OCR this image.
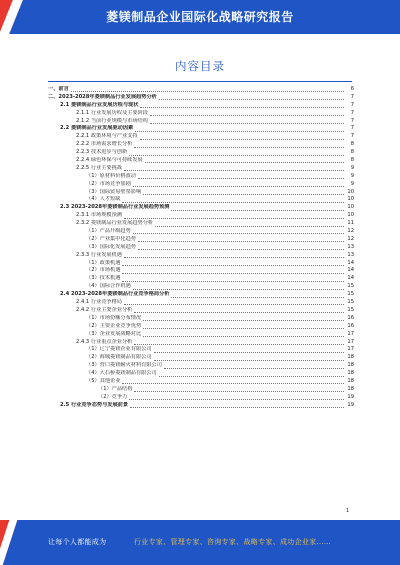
菱镁制品企业国际化战略研究报告
内容目录
一、前言	6
二、2023-2028年菱镁制品行业发展趋势分析	7
2.1 菱镁制品行业发展历程与现状	7
2.1.1 行业发展历程及主要阶段	7
2.1.2 当前行业规模与市场结构	7
2.2 菱镁制品行业发展驱动因素	7
2.2.1 政策环境与产业支持	7
2.2.2 市场需求增长分析	8
2.2.3 技术进步与创新	8
2.2.4 绿色环保与可持续发展	8
2.2.5 行业主要挑战	9
（1）原材料价格波动	9
（2）市场竞争加剧	9
（3）国际贸易壁垒影响	10
（4）人才短缺	10
2.3 2023-2028年菱镁制品行业发展趋势预测	10
2.3.1 市场规模预测	10
2.3.2 菱镁制品行业发展趋势分析	11
（1）产品升级趋势	12
（2）产业集中化趋势	12
（3）国际化发展趋势	13
2.3.3 行业发展机遇	13
（1）政策机遇	14
（2）市场机遇	14
（3）技术机遇	14
（4）国际合作机遇	15
2.4 2023-2028年菱镁制品行业竞争格局分析	15
2.4.1 行业竞争格局	15
2.4.2 行业主要企业分析	15
（1）市场份额分布情况	16
（2）主要企业竞争优势	16
（3）企业发展战略对比	17
2.4.3 行业重点企业分析	17
（1）辽宁菱镁企业有限公司	17
（2）海城菱镁制品有限公司	18
（3）营口菱镁耐火材料有限公司	18
（4）大石桥菱镁制品有限公司	18
（5）其他企业	18
（1）产品结构	18
（2）竞争力	19
2.5 行业竞争态势与发展前景	19
1
让每个人都能成为	行业专家、管理专家、咨询专家、战略专家、成功企业家……
